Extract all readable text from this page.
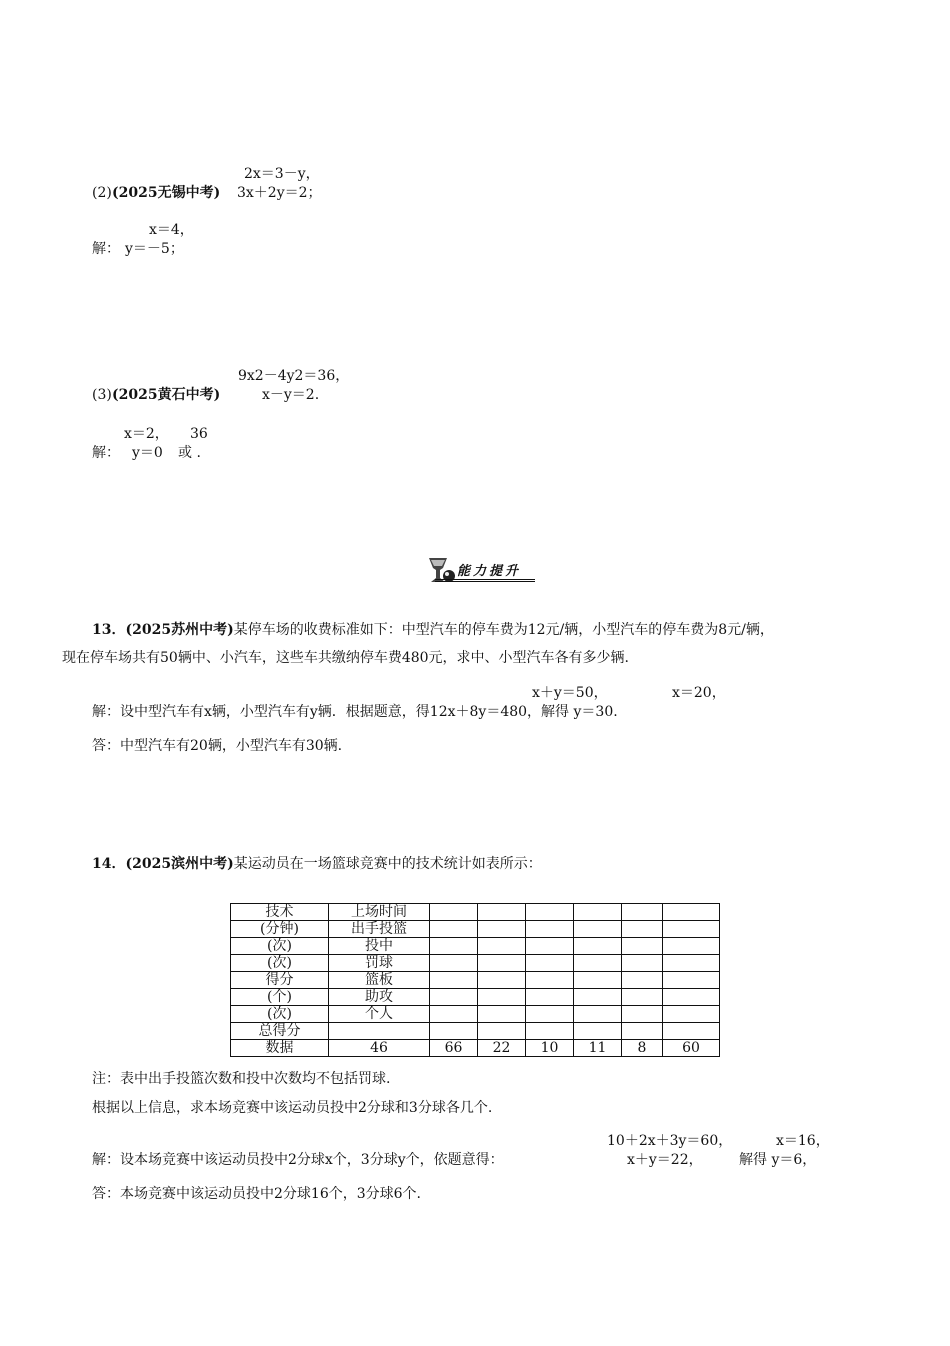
2x＝3－y，
(2) (2025无锡中考) 3x＋2y＝2；
x＝4，
解： y＝－5；
9x2－4y2＝36，
(3) (2025黄石中考)	x－y＝2.
x＝2， 36
解： y＝0 或 .
能力提升
13．(2025苏州中考)某停车场的收费标准如下：中型汽车的停车费为12元/辆，小型汽车的停车费为8元/辆，
现在停车场共有50辆中、小汽车，这些车共缴纳停车费480元，求中、小型汽车各有多少辆.
x＋y＝50，	x＝20，
解：设中型汽车有x辆，小型汽车有y辆．根据题意，得12x＋8y＝480，解得 y＝30.
答：中型汽车有20辆，小型汽车有30辆.
14．(2025滨州中考)某运动员在一场篮球竞赛中的技术统计如表所示：
技术	上场时间						
(分钟)	出手投篮						
(次)	投中						
(次)	罚球						
得分	篮板						
(个)	助攻						
(次)	个人						
总得分							
数据	46	66	22	10	11	8	60
注：表中出手投篮次数和投中次数均不包括罚球.
根据以上信息，求本场竞赛中该运动员投中2分球和3分球各几个.
10＋2x＋3y＝60，	x＝16，
解：设本场竞赛中该运动员投中2分球x个，3分球y个，依题意得：	x＋y＝22，	解得 y＝6，
答：本场竞赛中该运动员投中2分球16个，3分球6个.
